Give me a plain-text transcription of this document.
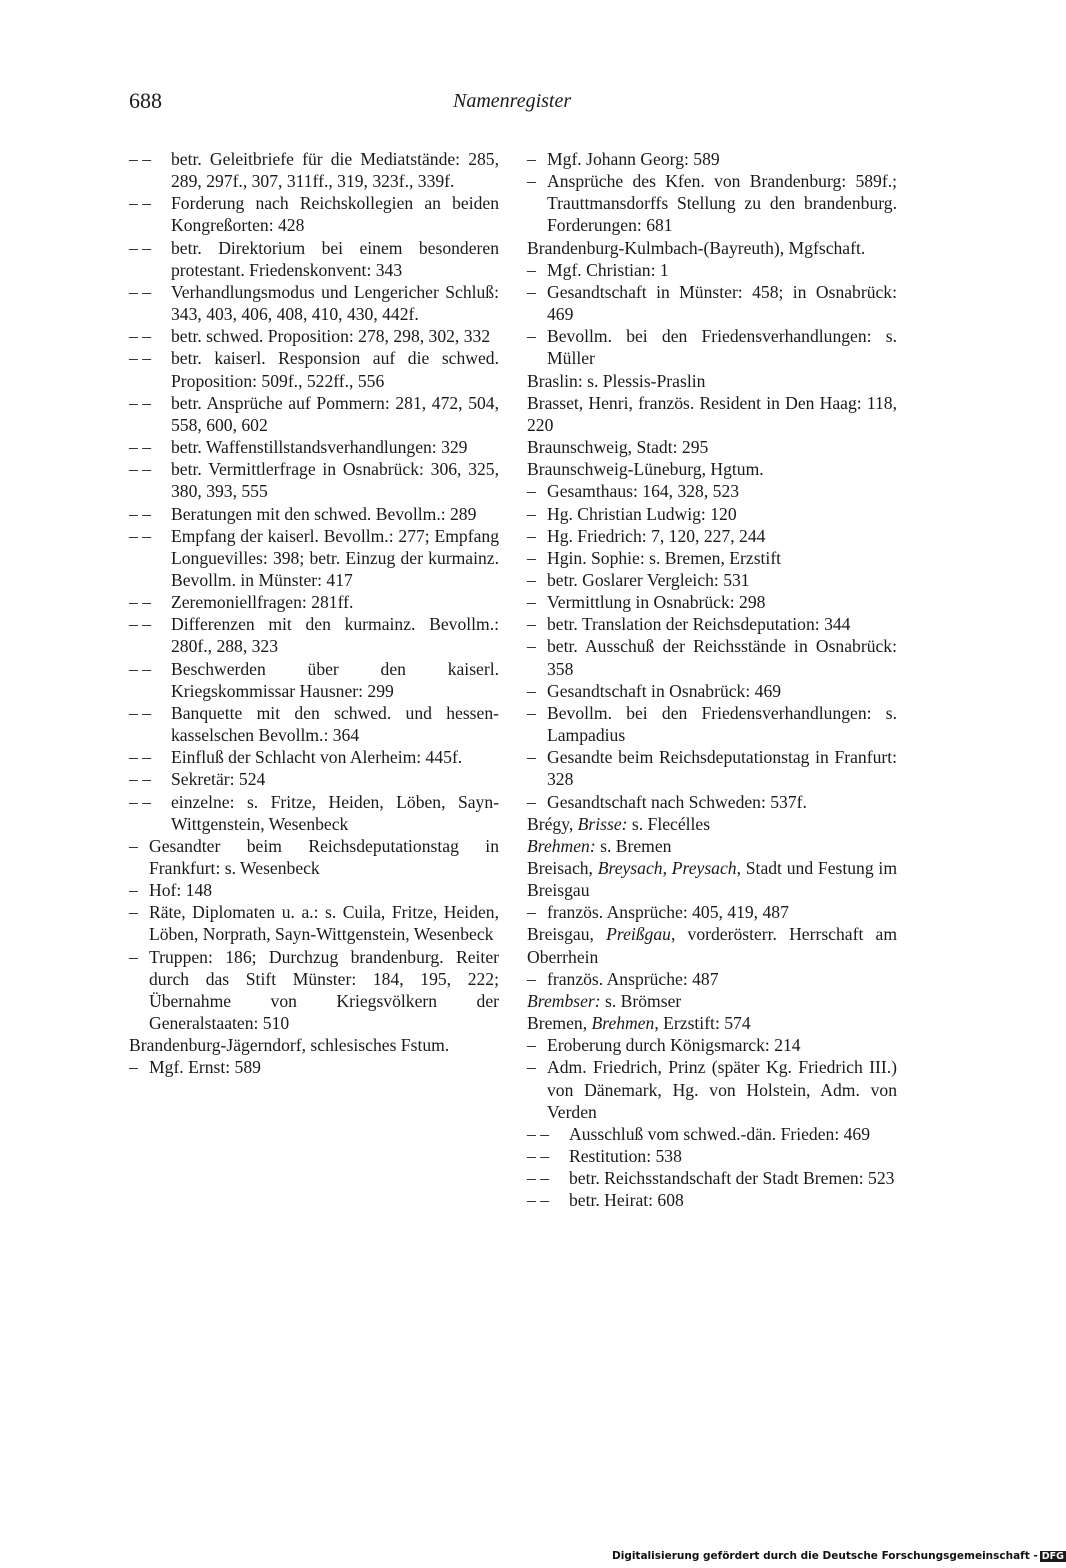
688	Namenregister
– – betr. Geleitbriefe für die Mediatstände: 285, 289, 297f., 307, 311ff., 319, 323f., 339f.
– – Forderung nach Reichskollegien an beiden Kongreßorten: 428
– – betr. Direktorium bei einem besonderen protestant. Friedenskonvent: 343
– – Verhandlungsmodus und Lengericher Schluß: 343, 403, 406, 408, 410, 430, 442f.
– – betr. schwed. Proposition: 278, 298, 302, 332
– – betr. kaiserl. Responsion auf die schwed. Proposition: 509f., 522ff., 556
– – betr. Ansprüche auf Pommern: 281, 472, 504, 558, 600, 602
– – betr. Waffenstillstandsverhandlungen: 329
– – betr. Vermittlerfrage in Osnabrück: 306, 325, 380, 393, 555
– – Beratungen mit den schwed. Bevollm.: 289
– – Empfang der kaiserl. Bevollm.: 277; Empfang Longuevilles: 398; betr. Einzug der kurmainz. Bevollm. in Münster: 417
– – Zeremoniellfragen: 281ff.
– – Differenzen mit den kurmainz. Bevollm.: 280f., 288, 323
– – Beschwerden über den kaiserl. Kriegskommissar Hausner: 299
– – Banquette mit den schwed. und hessen-kasselschen Bevollm.: 364
– – Einfluß der Schlacht von Alerheim: 445f.
– – Sekretär: 524
– – einzelne: s. Fritze, Heiden, Löben, Sayn-Wittgenstein, Wesenbeck
– Gesandter beim Reichsdeputationstag in Frankfurt: s. Wesenbeck
– Hof: 148
– Räte, Diplomaten u. a.: s. Cuila, Fritze, Heiden, Löben, Norprath, Sayn-Wittgenstein, Wesenbeck
– Truppen: 186; Durchzug brandenburg. Reiter durch das Stift Münster: 184, 195, 222; Übernahme von Kriegsvölkern der Generalstaaten: 510
Brandenburg-Jägerndorf, schlesisches Fstum.
– Mgf. Ernst: 589
– Mgf. Johann Georg: 589
– Ansprüche des Kfen. von Brandenburg: 589f.; Trauttmansdorffs Stellung zu den brandenburg. Forderungen: 681
Brandenburg-Kulmbach-(Bayreuth), Mgfschaft.
– Mgf. Christian: 1
– Gesandtschaft in Münster: 458; in Osnabrück: 469
– Bevollm. bei den Friedensverhandlungen: s. Müller
Braslin: s. Plessis-Praslin
Brasset, Henri, französ. Resident in Den Haag: 118, 220
Braunschweig, Stadt: 295
Braunschweig-Lüneburg, Hgtum.
– Gesamthaus: 164, 328, 523
– Hg. Christian Ludwig: 120
– Hg. Friedrich: 7, 120, 227, 244
– Hgin. Sophie: s. Bremen, Erzstift
– betr. Goslarer Vergleich: 531
– Vermittlung in Osnabrück: 298
– betr. Translation der Reichsdeputation: 344
– betr. Ausschuß der Reichsstände in Osnabrück: 358
– Gesandtschaft in Osnabrück: 469
– Bevollm. bei den Friedensverhandlungen: s. Lampadius
– Gesandte beim Reichsdeputationstag in Franfurt: 328
– Gesandtschaft nach Schweden: 537f.
Brégy, Brisse: s. Flecélles
Brehmen: s. Bremen
Breisach, Breysach, Preysach, Stadt und Festung im Breisgau
– französ. Ansprüche: 405, 419, 487
Breisgau, Preißgau, vorderösterr. Herrschaft am Oberrhein
– französ. Ansprüche: 487
Brembser: s. Brömser
Bremen, Brehmen, Erzstift: 574
– Eroberung durch Königsmarck: 214
– Adm. Friedrich, Prinz (später Kg. Friedrich III.) von Dänemark, Hg. von Holstein, Adm. von Verden
– – Ausschluß vom schwed.-dän. Frieden: 469
– – Restitution: 538
– – betr. Reichsstandschaft der Stadt Bremen: 523
– – betr. Heirat: 608
Digitalisierung gefördert durch die Deutsche Forschungsgemeinschaft - DFG
